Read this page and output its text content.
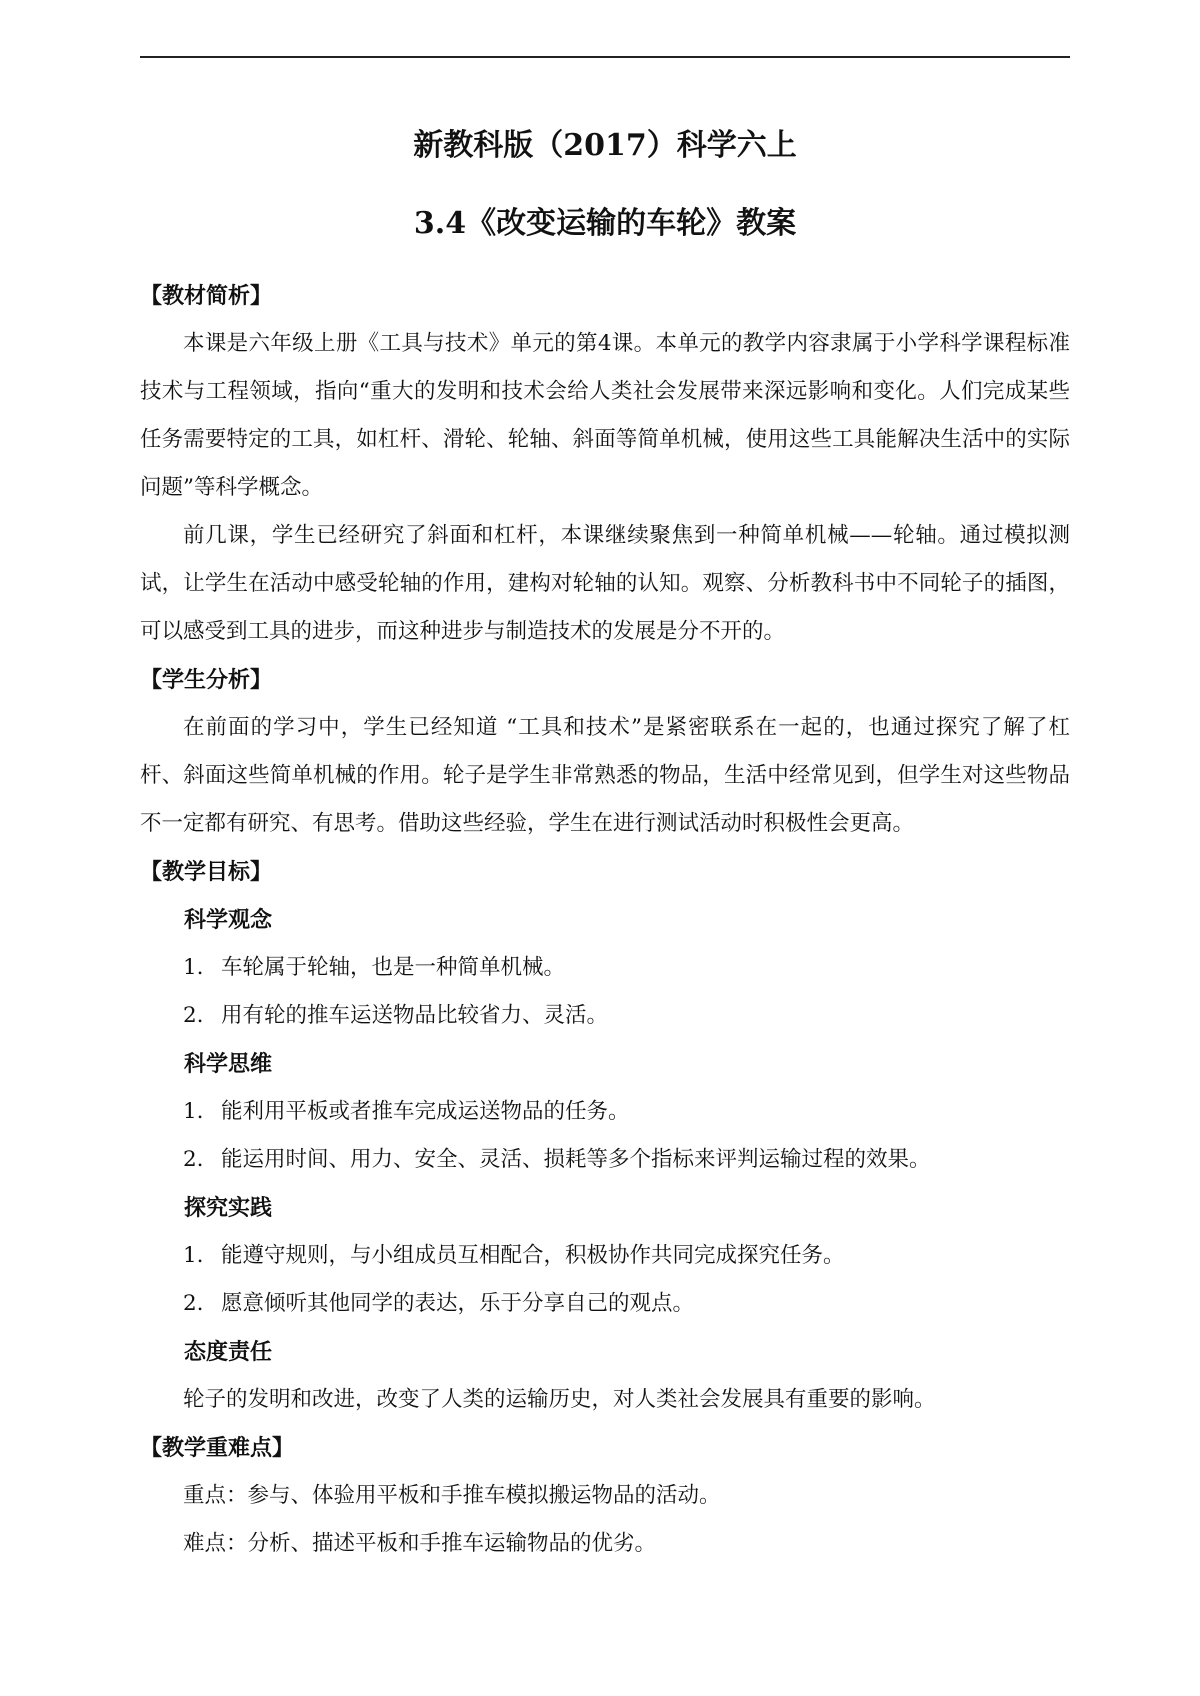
新教科版（2017）科学六上
3.4《改变运输的车轮》教案
【教材简析】

本课是六年级上册《工具与技术》单元的第4课。本单元的教学内容隶属于小学科学课程标准技术与工程领域，指向“重大的发明和技术会给人类社会发展带来深远影响和变化。人们完成某些任务需要特定的工具，如杠杆、滑轮、轮轴、斜面等简单机械，使用这些工具能解决生活中的实际问题”等科学概念。

前几课，学生已经研究了斜面和杠杆，本课继续聚焦到一种简单机械——轮轴。通过模拟测试，让学生在活动中感受轮轴的作用，建构对轮轴的认知。观察、分析教科书中不同轮子的插图，可以感受到工具的进步，而这种进步与制造技术的发展是分不开的。

【学生分析】

在前面的学习中，学生已经知道 “工具和技术”是紧密联系在一起的，也通过探究了解了杠杆、斜面这些简单机械的作用。轮子是学生非常熟悉的物品，生活中经常见到，但学生对这些物品不一定都有研究、有思考。借助这些经验，学生在进行测试活动时积极性会更高。

【教学目标】
科学观念
1. 车轮属于轮轴，也是一种简单机械。
2. 用有轮的推车运送物品比较省力、灵活。
科学思维
1. 能利用平板或者推车完成运送物品的任务。
2. 能运用时间、用力、安全、灵活、损耗等多个指标来评判运输过程的效果。
探究实践
1. 能遵守规则，与小组成员互相配合，积极协作共同完成探究任务。
2. 愿意倾听其他同学的表达，乐于分享自己的观点。
态度责任
轮子的发明和改进，改变了人类的运输历史，对人类社会发展具有重要的影响。
【教学重难点】
重点：参与、体验用平板和手推车模拟搬运物品的活动。
难点：分析、描述平板和手推车运输物品的优劣。
